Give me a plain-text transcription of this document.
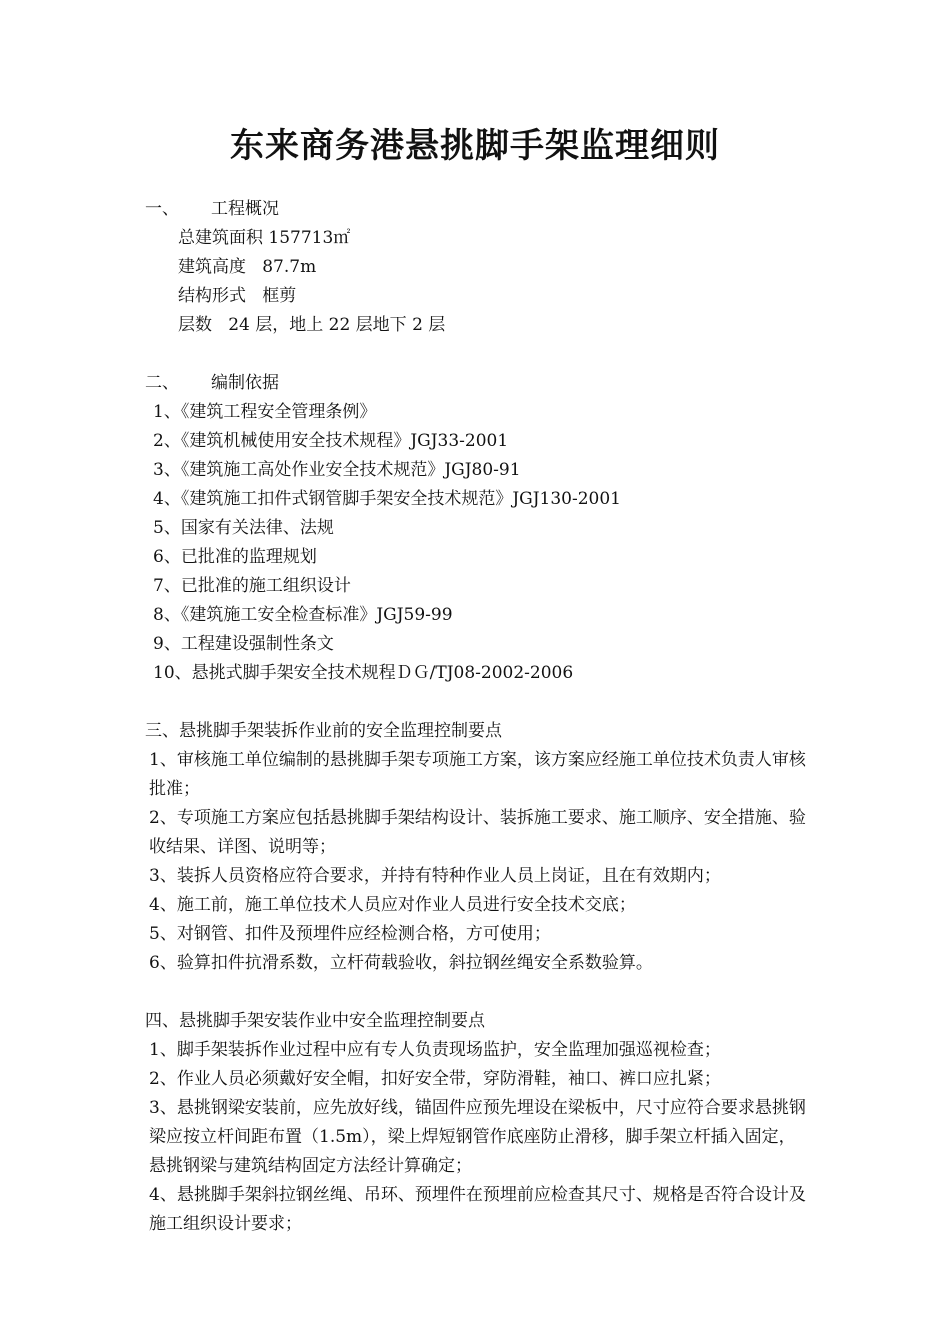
东来商务港悬挑脚手架监理细则
一、 工程概况
总建筑面积 157713㎡
建筑高度   87.7m
结构形式   框剪
层数   24 层，地上 22 层地下 2 层
二、 编制依据
1、《建筑工程安全管理条例》
2、《建筑机械使用安全技术规程》JGJ33-2001
3、《建筑施工高处作业安全技术规范》JGJ80-91
4、《建筑施工扣件式钢管脚手架安全技术规范》JGJ130-2001
5、国家有关法律、法规
6、已批准的监理规划
7、已批准的施工组织设计
8、《建筑施工安全检查标准》JGJ59-99
9、工程建设强制性条文
10、悬挑式脚手架安全技术规程ＤＧ/TJ08-2002-2006
三、悬挑脚手架装拆作业前的安全监理控制要点
1、审核施工单位编制的悬挑脚手架专项施工方案，该方案应经施工单位技术负责人审核批准；
2、专项施工方案应包括悬挑脚手架结构设计、装拆施工要求、施工顺序、安全措施、验收结果、详图、说明等；
3、装拆人员资格应符合要求，并持有特种作业人员上岗证，且在有效期内；
4、施工前，施工单位技术人员应对作业人员进行安全技术交底；
5、对钢管、扣件及预埋件应经检测合格，方可使用；
6、验算扣件抗滑系数，立杆荷载验收，斜拉钢丝绳安全系数验算。
四、悬挑脚手架安装作业中安全监理控制要点
1、脚手架装拆作业过程中应有专人负责现场监护，安全监理加强巡视检查；
2、作业人员必须戴好安全帽，扣好安全带，穿防滑鞋，袖口、裤口应扎紧；
3、悬挑钢梁安装前，应先放好线，锚固件应预先埋设在梁板中，尺寸应符合要求悬挑钢梁应按立杆间距布置（1.5m），梁上焊短钢管作底座防止滑移，脚手架立杆插入固定，悬挑钢梁与建筑结构固定方法经计算确定；
4、悬挑脚手架斜拉钢丝绳、吊环、预埋件在预埋前应检查其尺寸、规格是否符合设计及施工组织设计要求；
